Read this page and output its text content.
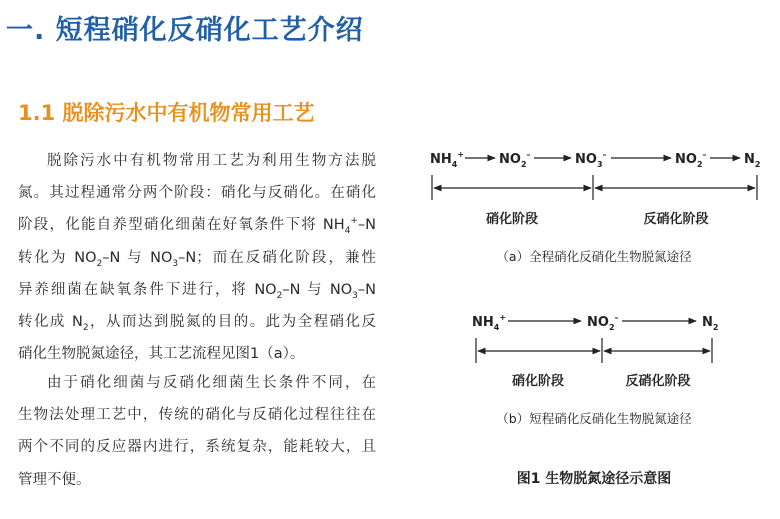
一. 短程硝化反硝化工艺介绍
1.1 脱除污水中有机物常用工艺
脱除污水中有机物常用工艺为利用生物方法脱
氮。其过程通常分两个阶段：硝化与反硝化。在硝化
阶段，化能自养型硝化细菌在好氧条件下将 $NH_4^+-N$
转化为 $NO_2-N$ 与 $NO_3-N$；而在反硝化阶段，兼性
异养细菌在缺氧条件下进行，将 $NO_2-N$ 与 $NO_3-N$
转化成 $N_2$，从而达到脱氮的目的。此为全程硝化反
硝化生物脱氮途径，其工艺流程见图1（a）。
由于硝化细菌与反硝化细菌生长条件不同，在
生物法处理工艺中，传统的硝化与反硝化过程往往在
两个不同的反应器内进行，系统复杂，能耗较大，且
管理不便。
$NH_4^+$	$NO_2^-$	$NO_3^-$	$NO_2^-$	$N_2$
硝化阶段	反硝化阶段
（a）全程硝化反硝化生物脱氮途径
$NH_4^+$	$NO_2^-$	$N_2$
硝化阶段	反硝化阶段
（b）短程硝化反硝化生物脱氮途径
图1 生物脱氮途径示意图
